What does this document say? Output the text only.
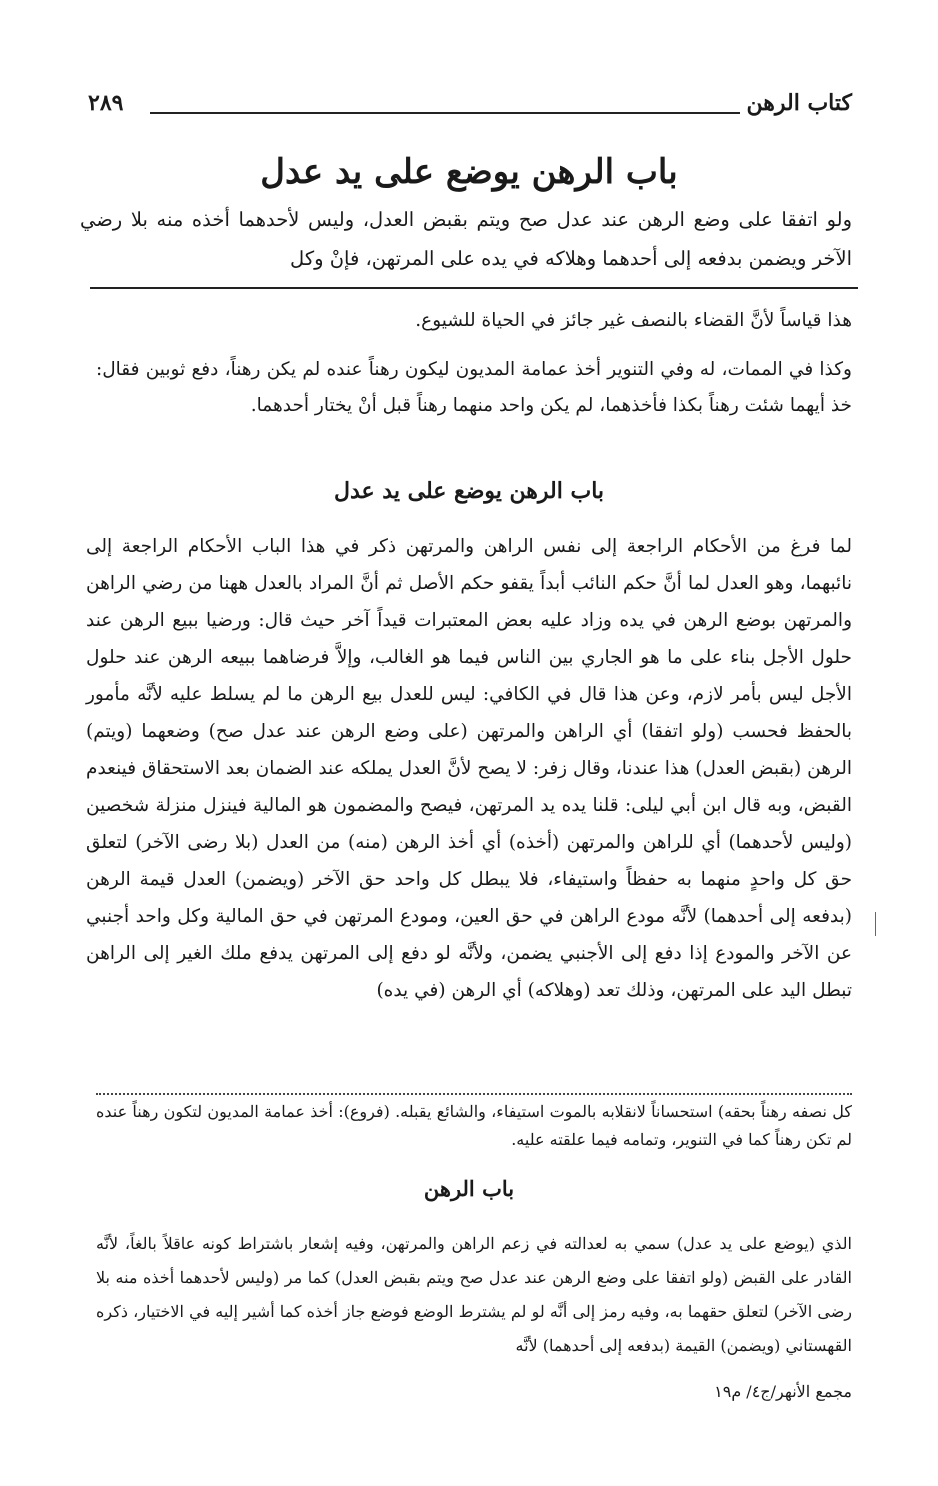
كتاب الرهن
٢٨٩
باب الرهن يوضع على يد عدل

ولو اتفقا على وضع الرهن عند عدل صح ويتم بقبض العدل، وليس لأحدهما أخذه منه بلا رضي الآخر ويضمن بدفعه إلى أحدهما وهلاكه في يده على المرتهن، فإنْ وكل

هذا قياساً لأنَّ القضاء بالنصف غير جائز في الحياة للشيوع.

وكذا في الممات، له وفي التنوير أخذ عمامة المديون ليكون رهناً عنده لم يكن رهناً، دفع ثوبين فقال: خذ أيهما شئت رهناً بكذا فأخذهما، لم يكن واحد منهما رهناً قبل أنْ يختار أحدهما.

باب الرهن يوضع على يد عدل

لما فرغ من الأحكام الراجعة إلى نفس الراهن والمرتهن ذكر في هذا الباب الأحكام الراجعة إلى نائبهما، وهو العدل لما أنَّ حكم النائب أبداً يقفو حكم الأصل ثم أنَّ المراد بالعدل ههنا من رضي الراهن والمرتهن بوضع الرهن في يده وزاد عليه بعض المعتبرات قيداً آخر حيث قال: ورضيا ببيع الرهن عند حلول الأجل بناء على ما هو الجاري بين الناس فيما هو الغالب، وإلاَّ فرضاهما ببيعه الرهن عند حلول الأجل ليس بأمر لازم، وعن هذا قال في الكافي: ليس للعدل بيع الرهن ما لم يسلط عليه لأنَّه مأمور بالحفظ فحسب (ولو اتفقا) أي الراهن والمرتهن (على وضع الرهن عند عدل صح) وضعهما (ويتم) الرهن (بقبض العدل) هذا عندنا، وقال زفر: لا يصح لأنَّ العدل يملكه عند الضمان بعد الاستحقاق فينعدم القبض، وبه قال ابن أبي ليلى: قلنا يده يد المرتهن، فيصح والمضمون هو المالية فينزل منزلة شخصين (وليس لأحدهما) أي للراهن والمرتهن (أخذه) أي أخذ الرهن (منه) من العدل (بلا رضى الآخر) لتعلق حق كل واحدٍ منهما به حفظاً واستيفاء، فلا يبطل كل واحد حق الآخر (ويضمن) العدل قيمة الرهن (بدفعه إلى أحدهما) لأنَّه مودع الراهن في حق العين، ومودع المرتهن في حق المالية وكل واحد أجنبي عن الآخر والمودع إذا دفع إلى الأجنبي يضمن، ولأنَّه لو دفع إلى المرتهن يدفع ملك الغير إلى الراهن تبطل اليد على المرتهن، وذلك تعد (وهلاكه) أي الرهن (في يده)

كل نصفه رهناً بحقه) استحساناً لانقلابه بالموت استيفاء، والشائع يقبله. (فروع): أخذ عمامة المديون لتكون رهناً عنده لم تكن رهناً كما في التنوير، وتمامه فيما علقته عليه.

باب الرهن

الذي (يوضع على يد عدل) سمي به لعدالته في زعم الراهن والمرتهن، وفيه إشعار باشتراط كونه عاقلاً بالغاً، لأنَّه القادر على القبض (ولو اتفقا على وضع الرهن عند عدل صح ويتم بقبض العدل) كما مر (وليس لأحدهما أخذه منه بلا رضى الآخر) لتعلق حقهما به، وفيه رمز إلى أنَّه لو لم يشترط الوضع فوضع جاز أخذه كما أشير إليه في الاختيار، ذكره القهستاني (ويضمن) القيمة (بدفعه إلى أحدهما) لأنَّه

مجمع الأنهر/ج٤/ م١٩
